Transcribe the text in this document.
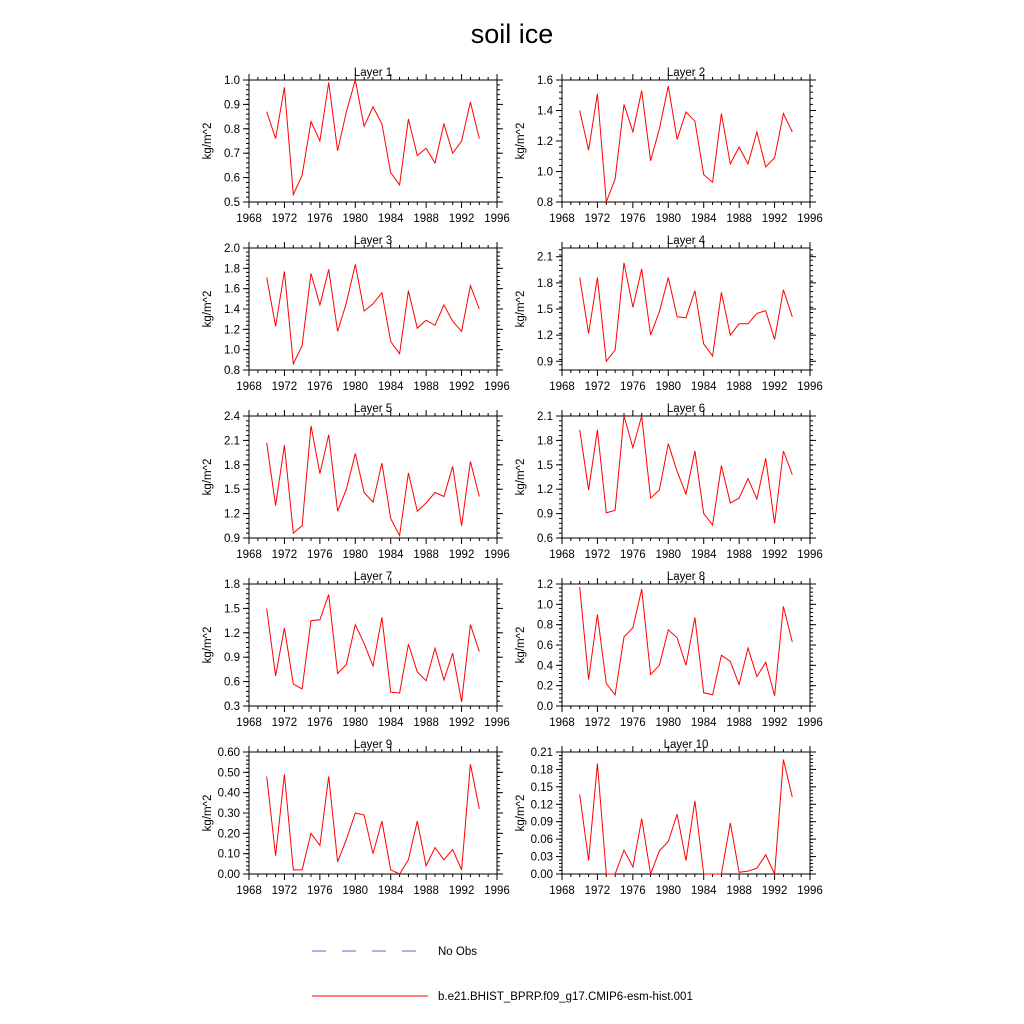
soil ice
Layer 1
1968 1972 1976 1980 1984 1988 1992 1996
0.5
0.6
0.7
0.8
0.9
1.0
kg/m^2
Layer 2
1968 1972 1976 1980 1984 1988 1992 1996
0.8
1.0
1.2
1.4
1.6
kg/m^2
Layer 3
1968 1972 1976 1980 1984 1988 1992 1996
0.8
1.0
1.2
1.4
1.6
1.8
2.0
kg/m^2
Layer 4
1968 1972 1976 1980 1984 1988 1992 1996
0.9
1.2
1.5
1.8
2.1
kg/m^2
Layer 5
1968 1972 1976 1980 1984 1988 1992 1996
0.9
1.2
1.5
1.8
2.1
2.4
kg/m^2
Layer 6
1968 1972 1976 1980 1984 1988 1992 1996
0.6
0.9
1.2
1.5
1.8
2.1
kg/m^2
Layer 7
1968 1972 1976 1980 1984 1988 1992 1996
0.3
0.6
0.9
1.2
1.5
1.8
kg/m^2
Layer 8
1968 1972 1976 1980 1984 1988 1992 1996
0.0
0.2
0.4
0.6
0.8
1.0
1.2
kg/m^2
Layer 9
1968 1972 1976 1980 1984 1988 1992 1996
0.00
0.10
0.20
0.30
0.40
0.50
0.60
kg/m^2
Layer 10
1968 1972 1976 1980 1984 1988 1992 1996
0.00
0.03
0.06
0.09
0.12
0.15
0.18
0.21
kg/m^2
No Obs
b.e21.BHIST_BPRP.f09_g17.CMIP6-esm-hist.001
